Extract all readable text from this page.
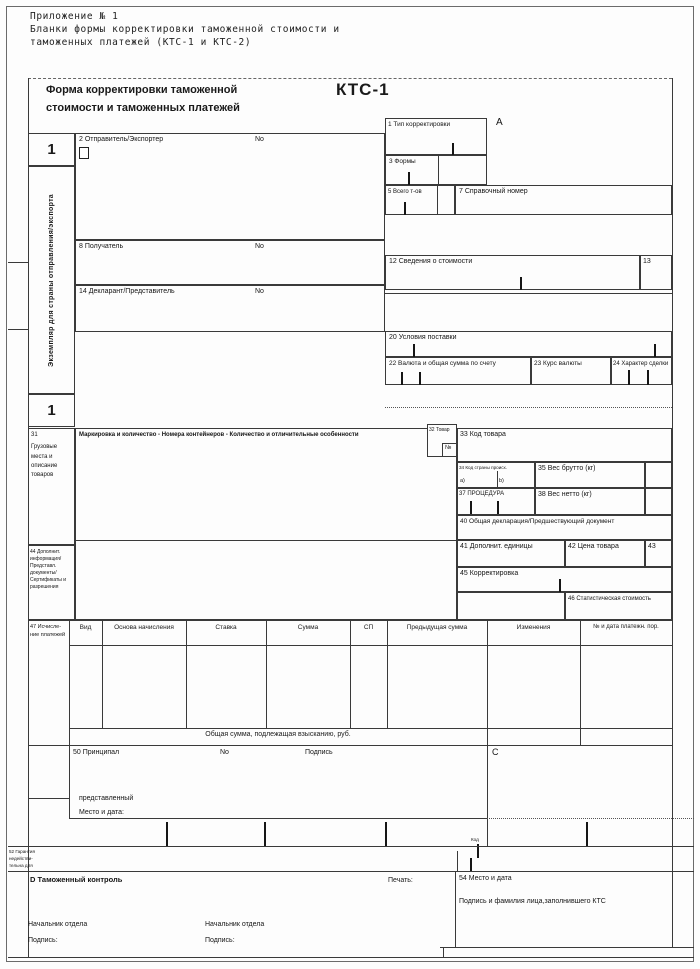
Приложение № 1
Бланки формы корректировки таможенной стоимости и
таможенных платежей (КТС-1 и КТС-2)
Форма корректировки таможенной
стоимости и таможенных платежей
КТС-1
1 Тип корректировки	А
1
Экземпляр для страны отправления/экспорта
1
2 Отправитель/Экспортер	No
3 Формы
5 Всего т-ов	7 Справочный номер
8 Получатель	No
12 Сведения о стоимости	13
14 Декларант/Представитель	No
20 Условия поставки
22 Валюта и общая сумма по счету	23 Курс валюты	24 Характер сделки
31
Грузовые
места и
описание
товаров
44 Дополнит.
информация/
Представл.
документы/
Сертификаты и
разрешения
Маркировка и количество - Номера контейнеров - Количество и отличительные особенности
№
32 Товар
33 Код товара
34 Код страны происх.
а)	b)
35 Вес брутто (кг)
37 ПРОЦЕДУРА	38 Вес нетто (кг)
40 Общая декларация/Предшествующий документ
41 Дополнит. единицы	42 Цена товара	43
45 Корректировка
46 Статистическая стоимость
47 Исчисле-
ние платежей
Вид	Основа начисления	Ставка	Сумма	СП	Предыдущая сумма	Изменения	№ и дата платежн. пор.
Общая сумма, подлежащая взысканию, руб.
50 Принципал	No	Подпись
представленный
Место и дата:
С
Код
52 Гарантия
недействи-
тельна для
D Таможенный контроль	Печать:	54 Место и дата
Подпись и фамилия лица,заполнившего КТС
Начальник отдела
Подпись:
Начальник отдела
Подпись:
